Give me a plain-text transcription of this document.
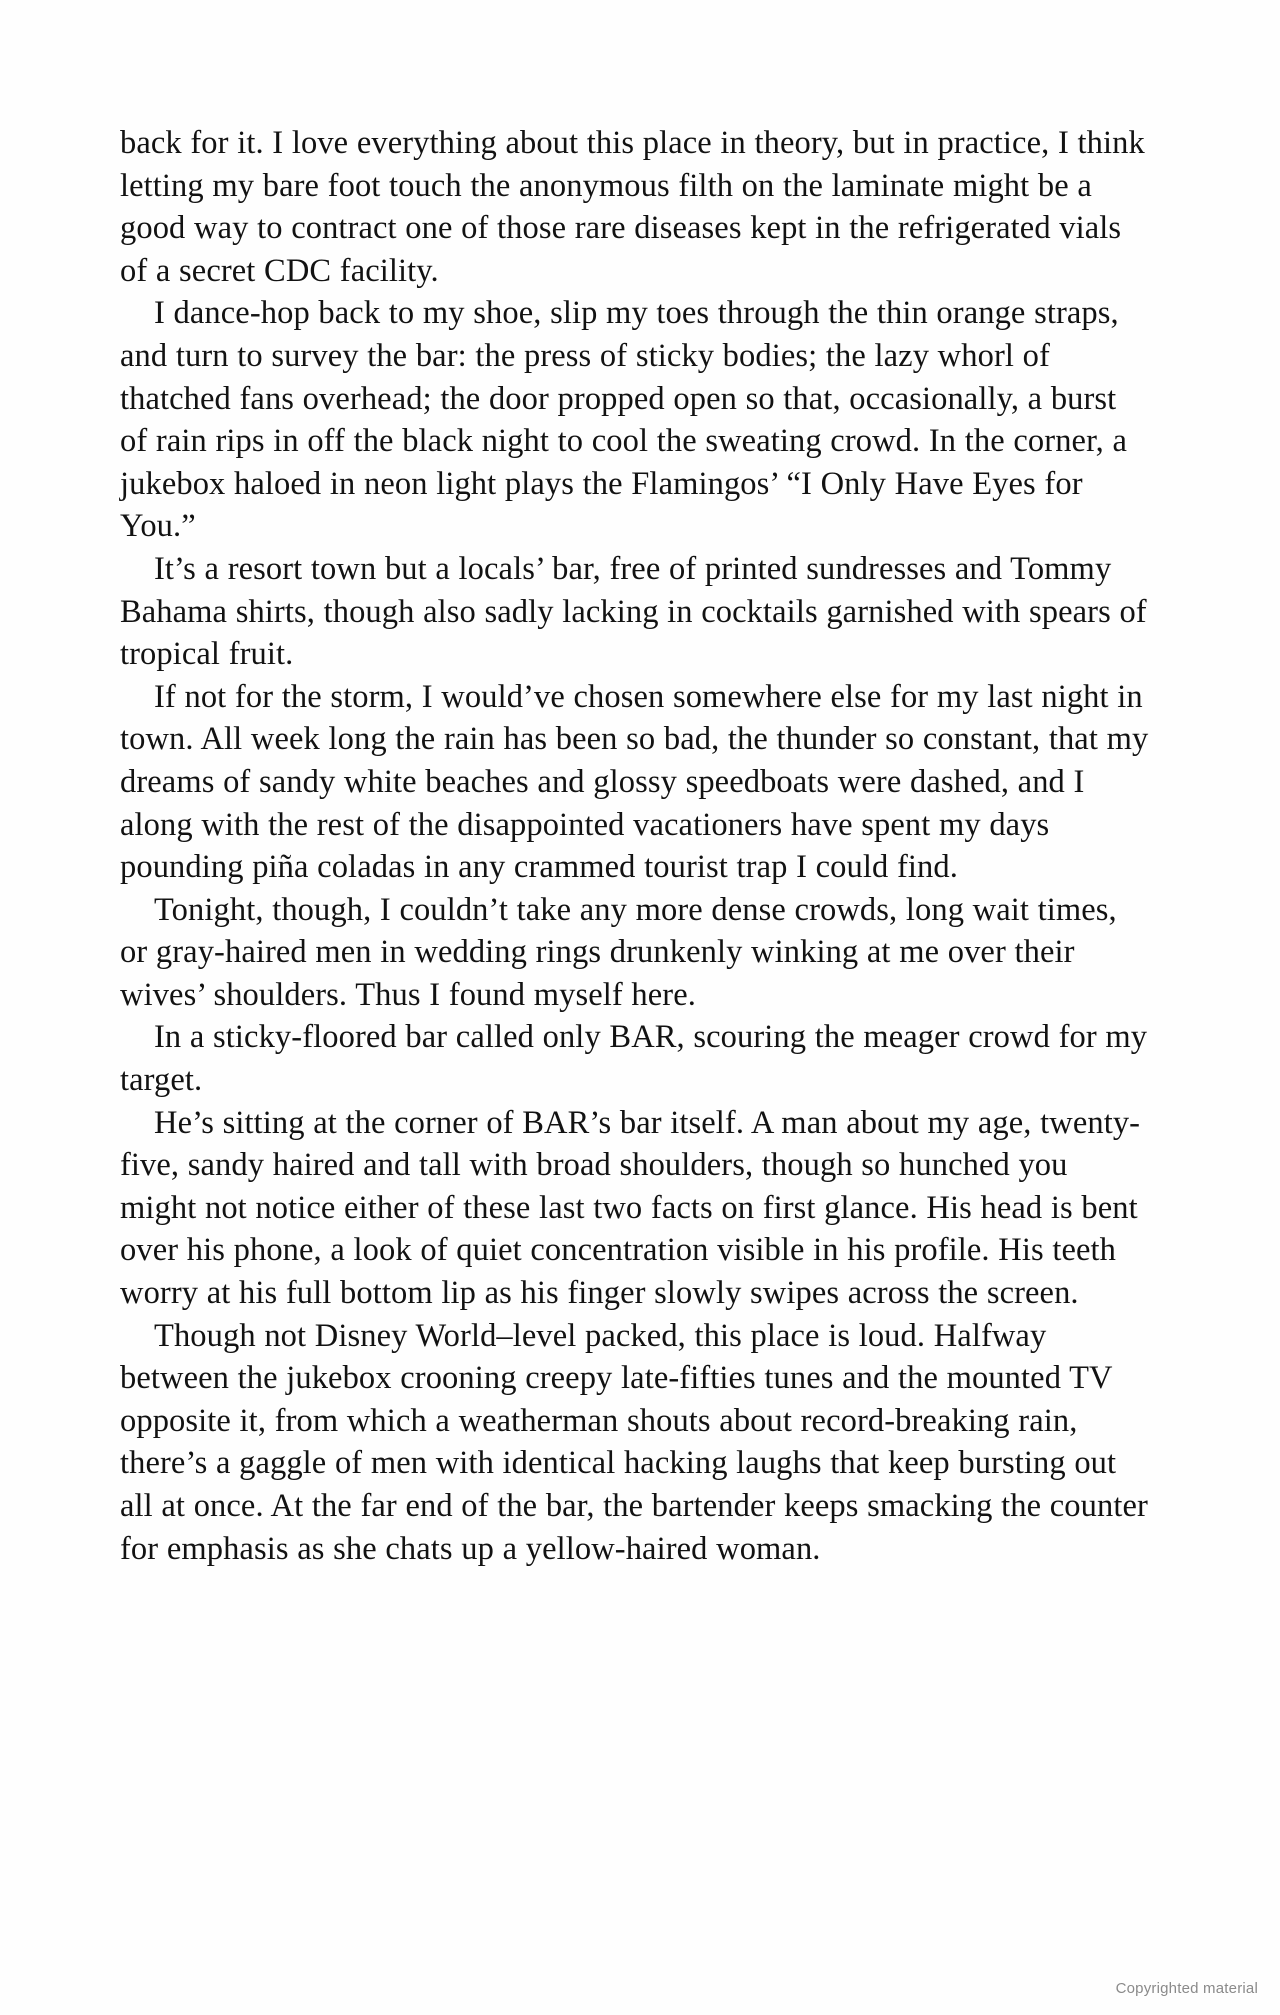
back for it. I love everything about this place in theory, but in practice, I think letting my bare foot touch the anonymous filth on the laminate might be a good way to contract one of those rare diseases kept in the refrigerated vials of a secret CDC facility.

I dance-hop back to my shoe, slip my toes through the thin orange straps, and turn to survey the bar: the press of sticky bodies; the lazy whorl of thatched fans overhead; the door propped open so that, occasionally, a burst of rain rips in off the black night to cool the sweating crowd. In the corner, a jukebox haloed in neon light plays the Flamingos’ “I Only Have Eyes for You.”

It’s a resort town but a locals’ bar, free of printed sundresses and Tommy Bahama shirts, though also sadly lacking in cocktails garnished with spears of tropical fruit.

If not for the storm, I would’ve chosen somewhere else for my last night in town. All week long the rain has been so bad, the thunder so constant, that my dreams of sandy white beaches and glossy speedboats were dashed, and I along with the rest of the disappointed vacationers have spent my days pounding piña coladas in any crammed tourist trap I could find.

Tonight, though, I couldn’t take any more dense crowds, long wait times, or gray-haired men in wedding rings drunkenly winking at me over their wives’ shoulders. Thus I found myself here.

In a sticky-floored bar called only BAR, scouring the meager crowd for my target.

He’s sitting at the corner of BAR’s bar itself. A man about my age, twenty-five, sandy haired and tall with broad shoulders, though so hunched you might not notice either of these last two facts on first glance. His head is bent over his phone, a look of quiet concentration visible in his profile. His teeth worry at his full bottom lip as his finger slowly swipes across the screen.

Though not Disney World–level packed, this place is loud. Halfway between the jukebox crooning creepy late-fifties tunes and the mounted TV opposite it, from which a weatherman shouts about record-breaking rain, there’s a gaggle of men with identical hacking laughs that keep bursting out all at once. At the far end of the bar, the bartender keeps smacking the counter for emphasis as she chats up a yellow-haired woman.

Copyrighted material
